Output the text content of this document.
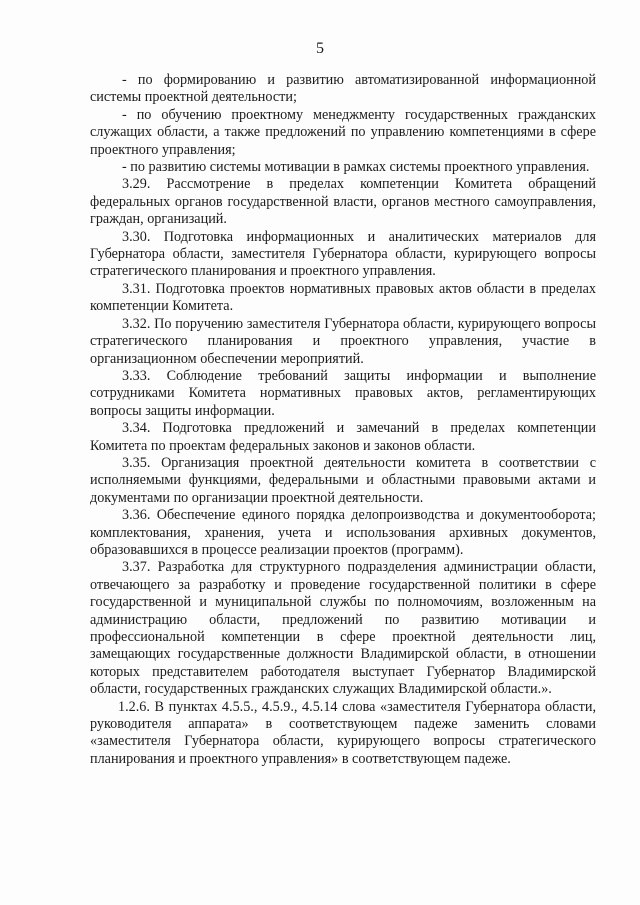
5

- по формированию и развитию автоматизированной информационной системы проектной деятельности;

- по обучению проектному менеджменту государственных гражданских служащих области, а также предложений по управлению компетенциями в сфере проектного управления;

- по развитию системы мотивации в рамках системы проектного управления.

3.29. Рассмотрение в пределах компетенции Комитета обращений федеральных органов государственной власти, органов местного самоуправления, граждан, организаций.

3.30. Подготовка информационных и аналитических материалов для Губернатора области, заместителя Губернатора области, курирующего вопросы стратегического планирования и проектного управления.

3.31. Подготовка проектов нормативных правовых актов области в пределах компетенции Комитета.

3.32. По поручению заместителя Губернатора области, курирующего вопросы стратегического планирования и проектного управления, участие в организационном обеспечении мероприятий.

3.33. Соблюдение требований защиты информации и выполнение сотрудниками Комитета нормативных правовых актов, регламентирующих вопросы защиты информации.

3.34. Подготовка предложений и замечаний в пределах компетенции Комитета по проектам федеральных законов и законов области.

3.35. Организация проектной деятельности комитета в соответствии с исполняемыми функциями, федеральными и областными правовыми актами и документами по организации проектной деятельности.

3.36. Обеспечение единого порядка делопроизводства и документооборота; комплектования, хранения, учета и использования архивных документов, образовавшихся в процессе реализации проектов (программ).

3.37. Разработка для структурного подразделения администрации области, отвечающего за разработку и проведение государственной политики в сфере государственной и муниципальной службы по полномочиям, возложенным на администрацию области, предложений по развитию мотивации и профессиональной компетенции в сфере проектной деятельности лиц, замещающих государственные должности Владимирской области, в отношении которых представителем работодателя выступает Губернатор Владимирской области, государственных гражданских служащих Владимирской области.».

1.2.6. В пунктах 4.5.5., 4.5.9., 4.5.14 слова «заместителя Губернатора области, руководителя аппарата» в соответствующем падеже заменить словами «заместителя Губернатора области, курирующего вопросы стратегического планирования и проектного управления» в соответствующем падеже.
